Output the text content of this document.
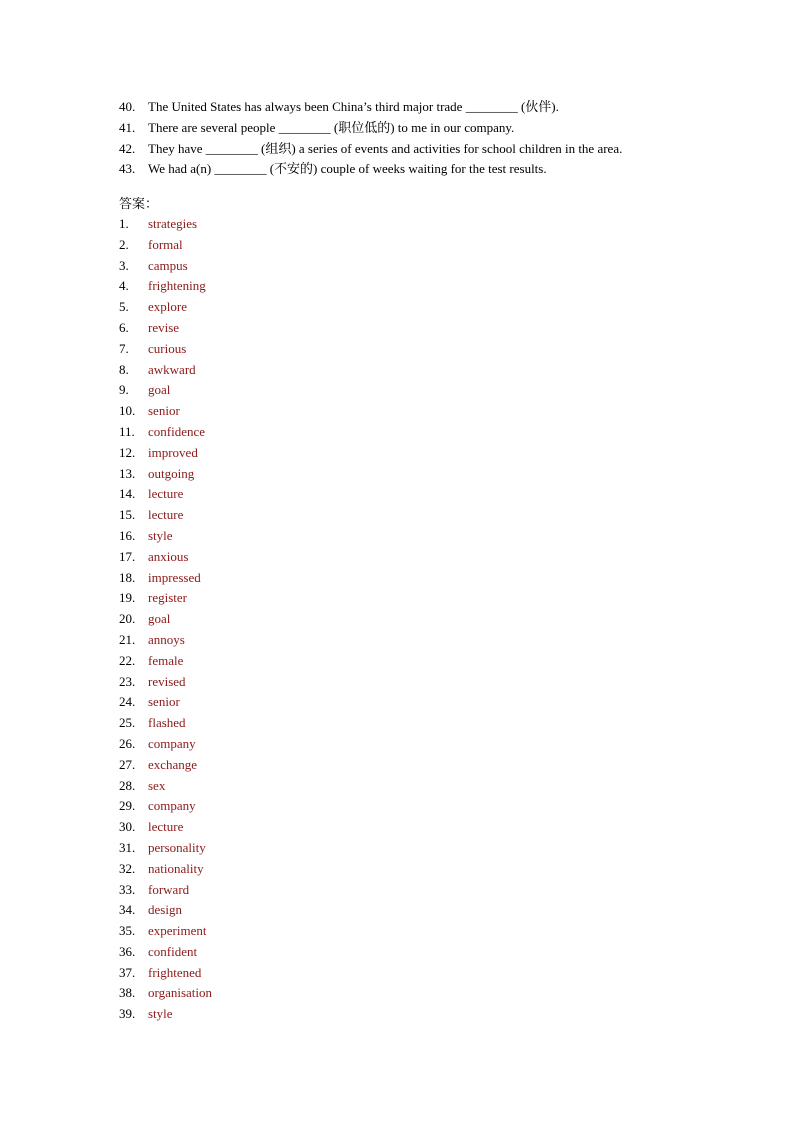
40. The United States has always been China’s third major trade ________ (伙伴).
41. There are several people ________ (职位低的) to me in our company.
42. They have ________ (组织) a series of events and activities for school children in the area.
43. We had a(n) ________ (不安的) couple of weeks waiting for the test results.
答案：
1. strategies
2. formal
3. campus
4. frightening
5. explore
6. revise
7. curious
8. awkward
9. goal
10. senior
11. confidence
12. improved
13. outgoing
14. lecture
15. lecture
16. style
17. anxious
18. impressed
19. register
20. goal
21. annoys
22. female
23. revised
24. senior
25. flashed
26. company
27. exchange
28. sex
29. company
30. lecture
31. personality
32. nationality
33. forward
34. design
35. experiment
36. confident
37. frightened
38. organisation
39. style
